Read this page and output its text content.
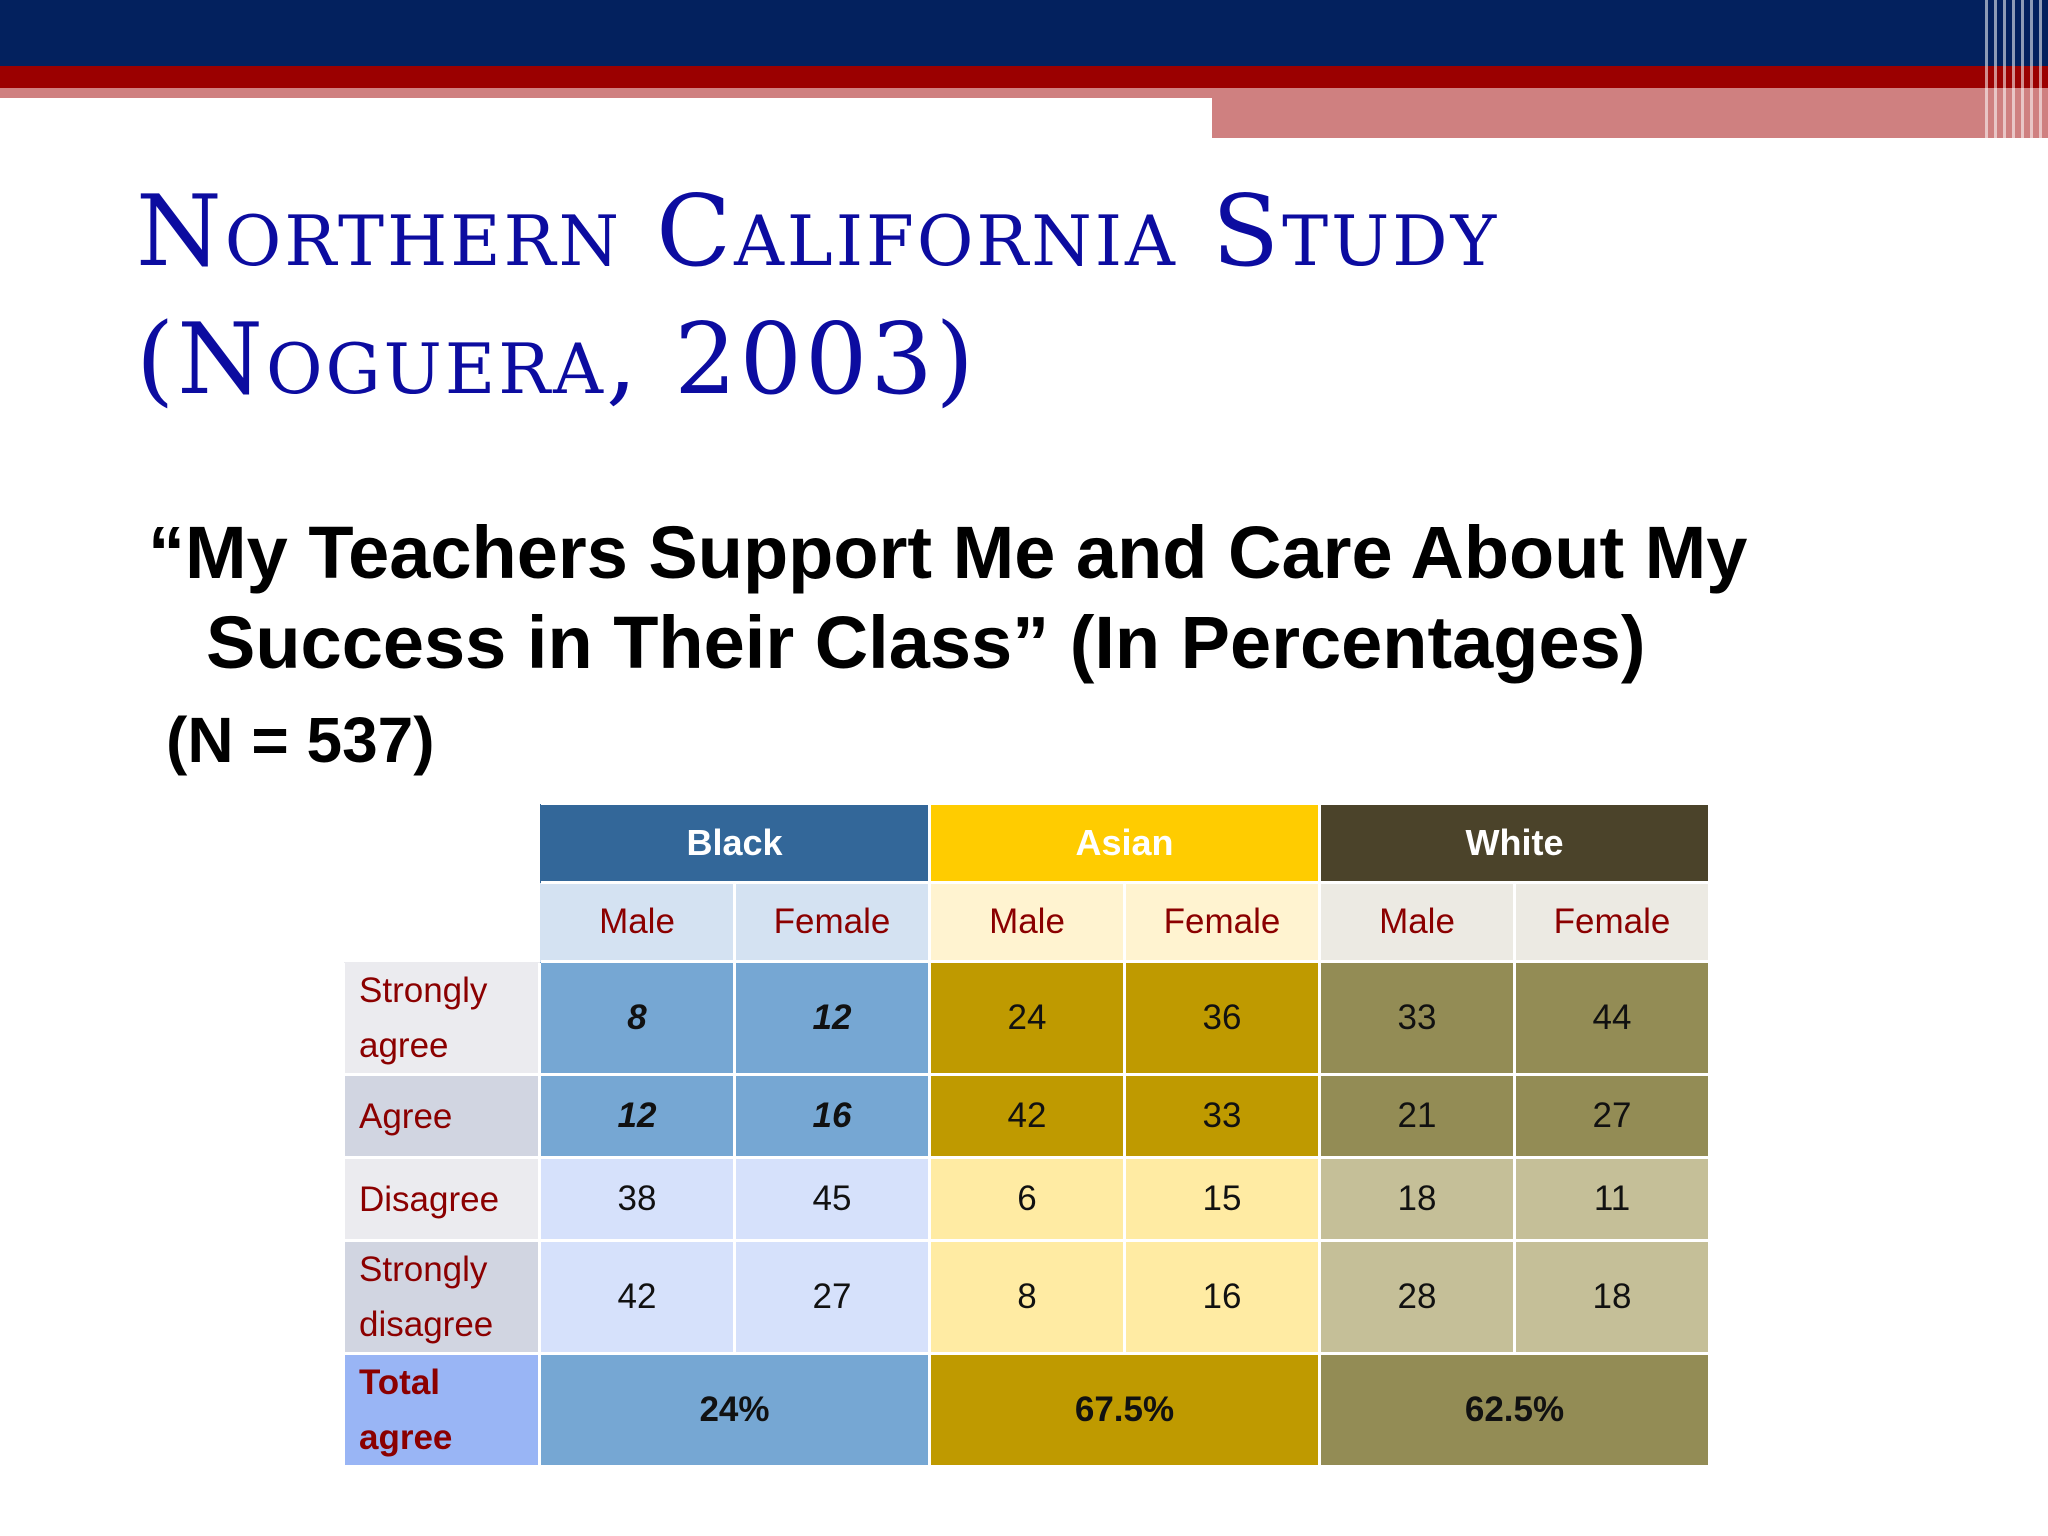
Northern California Study
(Noguera, 2003)
“My Teachers Support Me and Care About My
Success in Their Class” (In Percentages)
(N = 537)
	Black		Asian		White	
	Male	Female	Male	Female	Male	Female
Strongly agree	8	12	24	36	33	44
Agree	12	16	42	33	21	27
Disagree	38	45	6	15	18	11
Strongly disagree	42	27	8	16	28	18
Total agree	24%		67.5%		62.5%	
